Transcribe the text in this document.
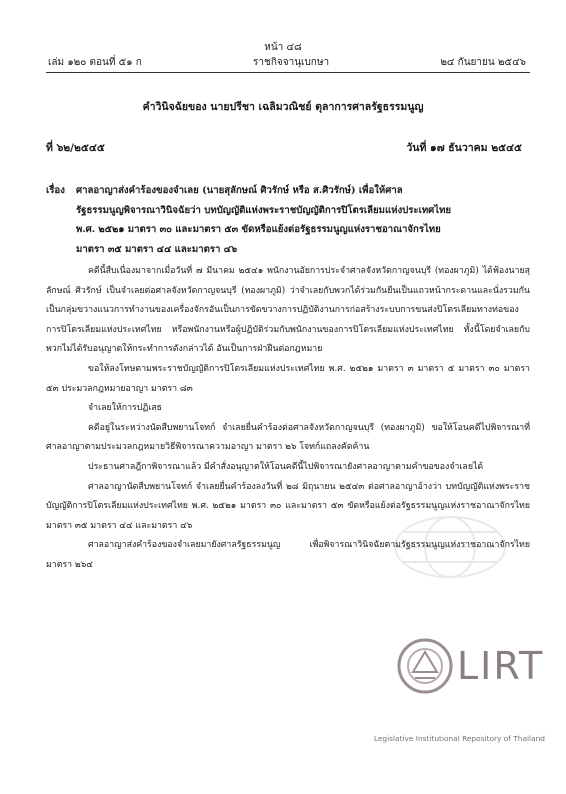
หน้า ๔๘
เล่ม ๑๒๐ ตอนที่ ๕๑ ก	ราชกิจจานุเบกษา	๒๔ กันยายน ๒๕๔๖
คำวินิจฉัยของ นายปรีชา เฉลิมวณิชย์ ตุลาการศาลรัฐธรรมนูญ
ที่ ๖๒/๒๕๔๕	วันที่ ๑๗ ธันวาคม ๒๕๔๕
เรื่อง ศาลอาญาส่งคำร้องของจำเลย (นายสุลักษณ์ ศิวรักษ์ หรือ ส.ศิวรักษ์) เพื่อให้ศาล
รัฐธรรมนูญพิจารณาวินิจฉัยว่า บทบัญญัติแห่งพระราชบัญญัติการปิโตรเลียมแห่งประเทศไทย
พ.ศ. ๒๕๒๑ มาตรา ๓๐ และมาตรา ๕๓ ขัดหรือแย้งต่อรัฐธรรมนูญแห่งราชอาณาจักรไทย
มาตรา ๓๕ มาตรา ๔๔ และมาตรา ๔๖

คดีนี้สืบเนื่องมาจากเมื่อวันที่ ๗ มีนาคม ๒๕๔๑ พนักงานอัยการประจำศาลจังหวัดกาญจนบุรี (ทองผาภูมิ) ได้ฟ้องนายสุลักษณ์ ศิวรักษ์ เป็นจำเลยต่อศาลจังหวัดกาญจนบุรี (ทองผาภูมิ) ว่าจำเลยกับพวกได้ร่วมกันยืนเป็นแถวหน้ากระดานและนั่งรวมกันเป็นกลุ่มขวางแนวการทำงานของเครื่องจักรอันเป็นการขัดขวางการปฏิบัติงานการก่อสร้างระบบการขนส่งปิโตรเลียมทางท่อของการปิโตรเลียมแห่งประเทศไทย หรือพนักงานหรือผู้ปฏิบัติร่วมกับพนักงานของการปิโตรเลียมแห่งประเทศไทย ทั้งนี้โดยจำเลยกับพวกไม่ได้รับอนุญาตให้กระทำการดังกล่าวได้ อันเป็นการฝ่าฝืนต่อกฎหมาย

ขอให้ลงโทษตามพระราชบัญญัติการปิโตรเลียมแห่งประเทศไทย พ.ศ. ๒๕๒๑ มาตรา ๓ มาตรา ๕ มาตรา ๓๐ มาตรา ๕๓ ประมวลกฎหมายอาญา มาตรา ๘๓

จำเลยให้การปฏิเสธ

คดีอยู่ในระหว่างนัดสืบพยานโจทก์ จำเลยยื่นคำร้องต่อศาลจังหวัดกาญจนบุรี (ทองผาภูมิ) ขอให้โอนคดีไปพิจารณาที่ศาลอาญาตามประมวลกฎหมายวิธีพิจารณาความอาญา มาตรา ๒๖ โจทก์แถลงคัดค้าน

ประธานศาลฎีกาพิจารณาแล้ว มีคำสั่งอนุญาตให้โอนคดีนี้ไปพิจารณายังศาลอาญาตามคำขอของจำเลยได้

ศาลอาญานัดสืบพยานโจทก์ จำเลยยื่นคำร้องลงวันที่ ๒๘ มิถุนายน ๒๕๔๓ ต่อศาลอาญาอ้างว่า บทบัญญัติแห่งพระราชบัญญัติการปิโตรเลียมแห่งประเทศไทย พ.ศ. ๒๕๒๑ มาตรา ๓๐ และมาตรา ๕๓ ขัดหรือแย้งต่อรัฐธรรมนูญแห่งราชอาณาจักรไทย มาตรา ๓๕ มาตรา ๔๔ และมาตรา ๔๖

ศาลอาญาส่งคำร้องของจำเลยมายังศาลรัฐธรรมนูญ เพื่อพิจารณาวินิจฉัยตามรัฐธรรมนูญแห่งราชอาณาจักรไทย มาตรา ๒๖๔

LIRT
Legislative Institutional Repository of Thailand
